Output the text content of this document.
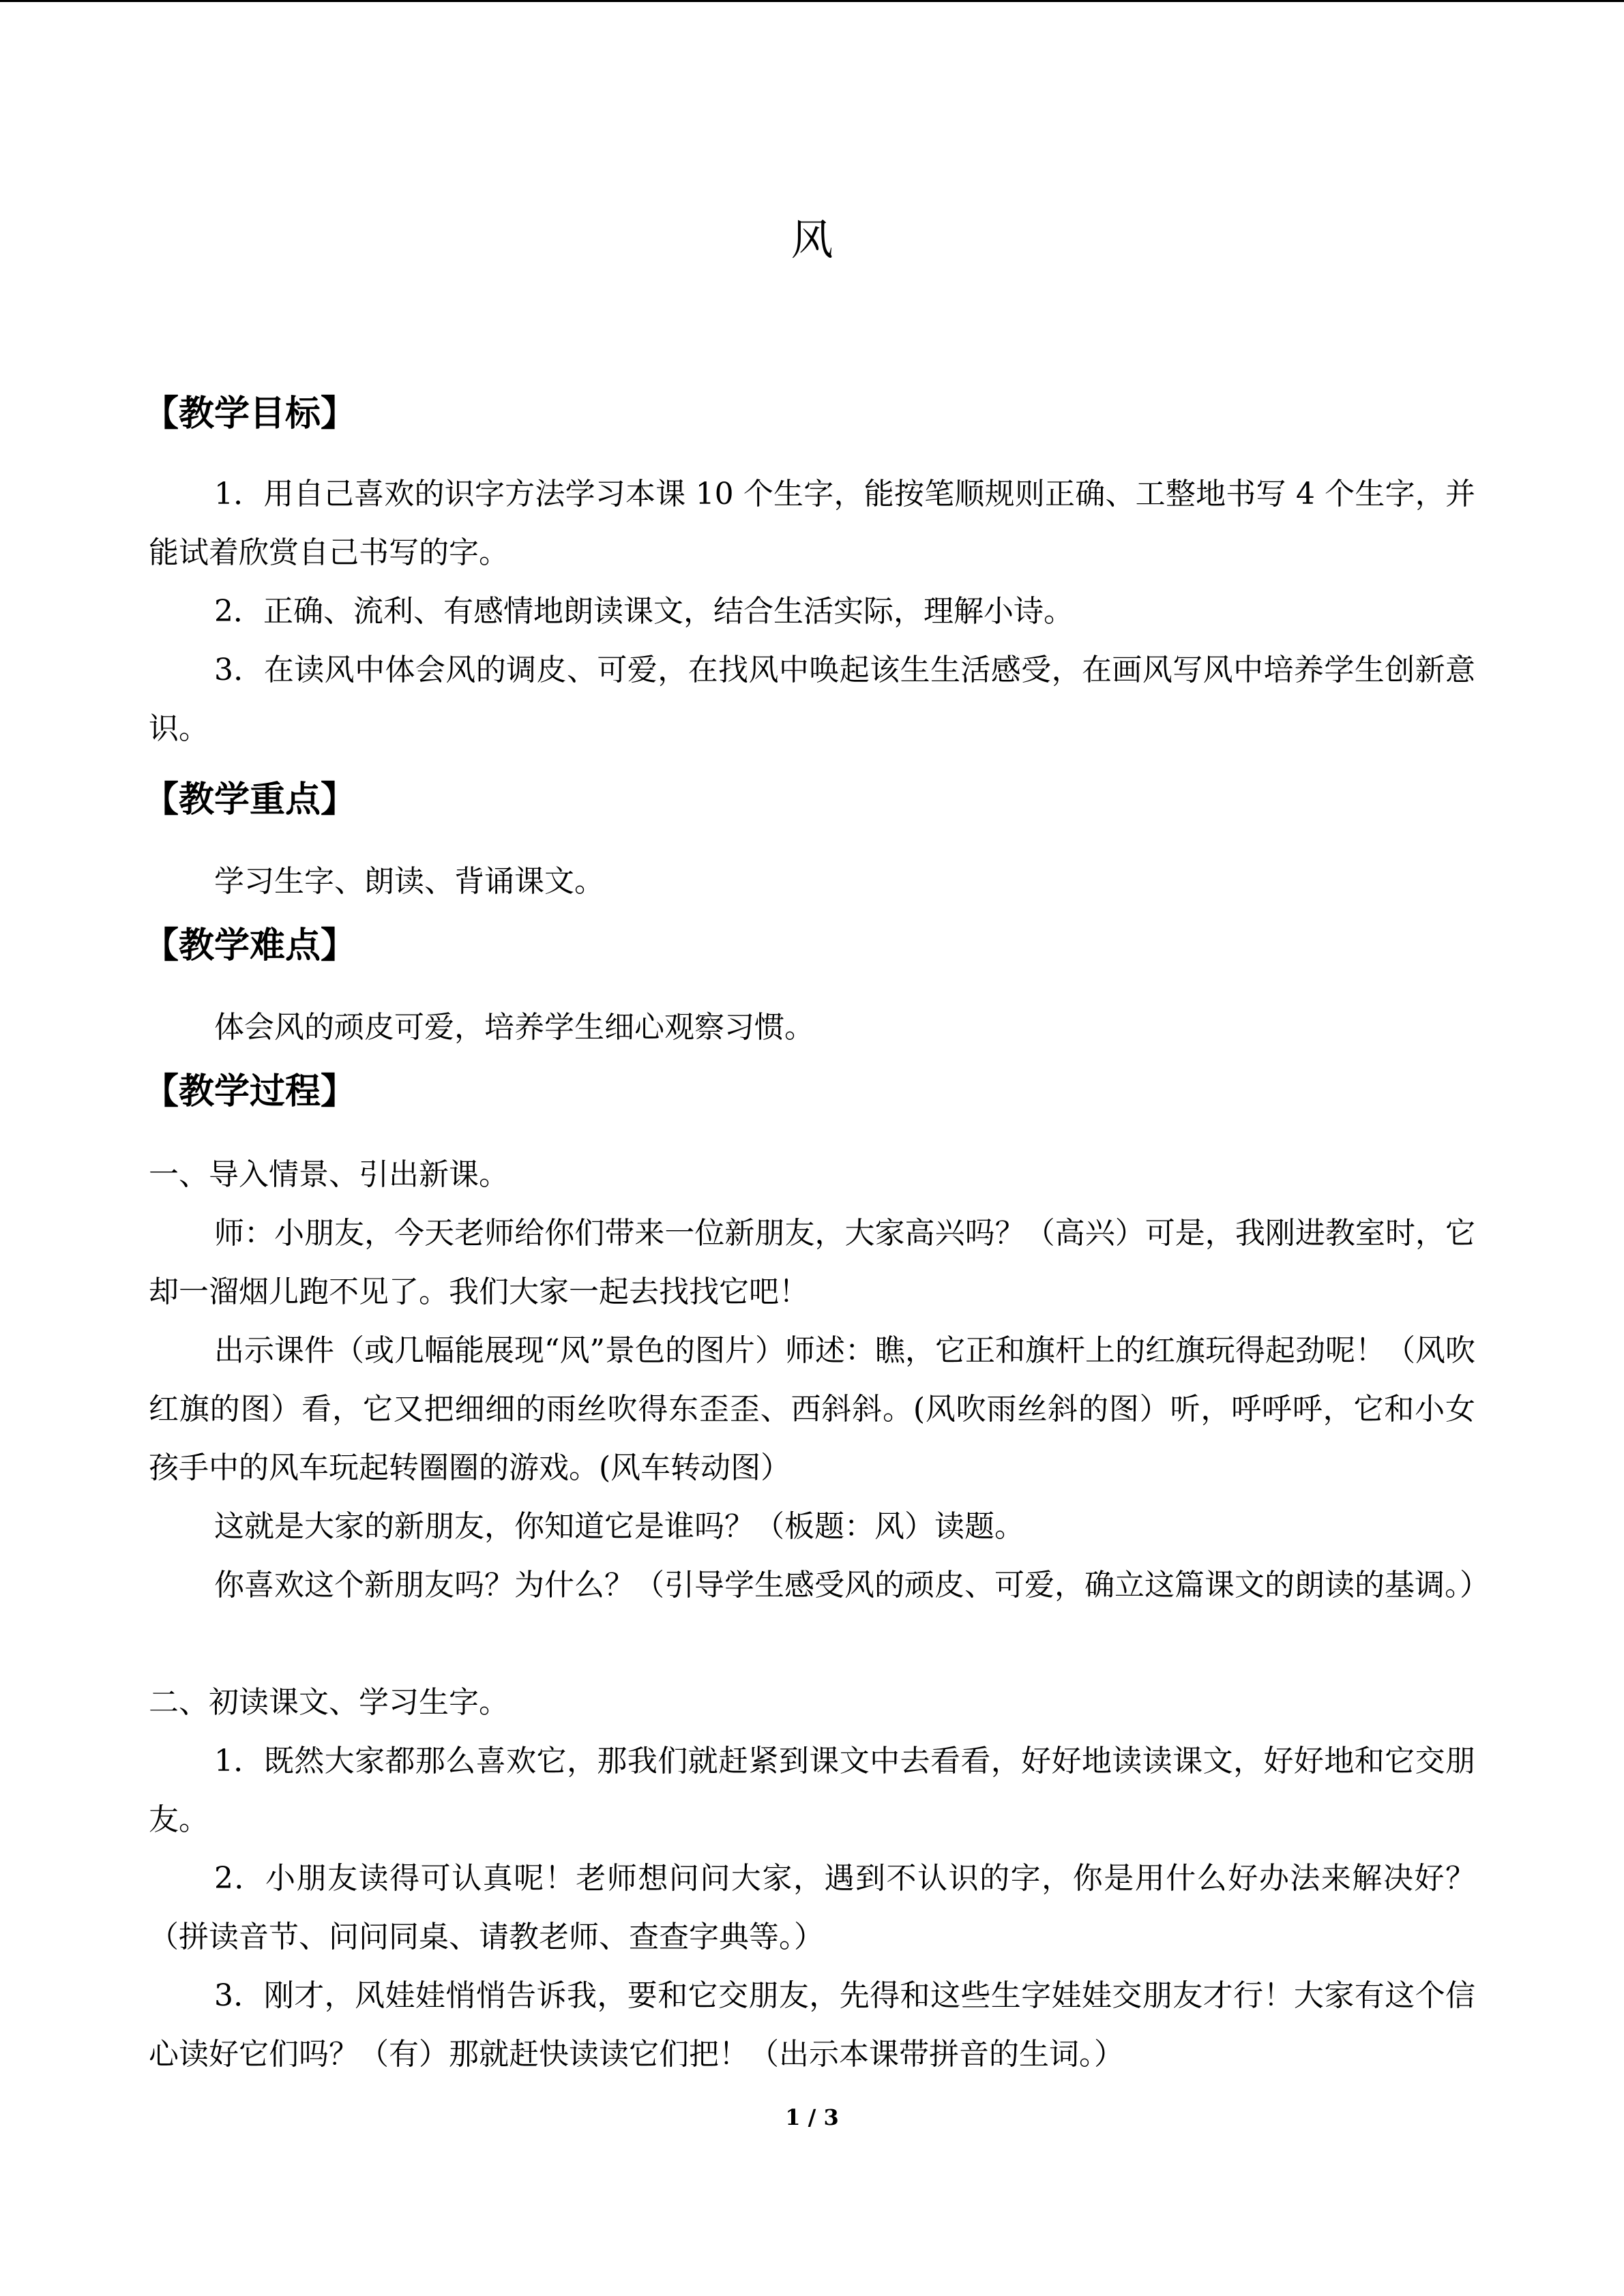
风
【教学目标】
1．用自己喜欢的识字方法学习本课 10 个生字，能按笔顺规则正确、工整地书写 4 个生字，并能试着欣赏自己书写的字。
2．正确、流利、有感情地朗读课文，结合生活实际，理解小诗。
3．在读风中体会风的调皮、可爱，在找风中唤起该生生活感受，在画风写风中培养学生创新意识。
【教学重点】
学习生字、朗读、背诵课文。
【教学难点】
体会风的顽皮可爱，培养学生细心观察习惯。
【教学过程】
一、导入情景、引出新课。
师：小朋友，今天老师给你们带来一位新朋友，大家高兴吗？（高兴）可是，我刚进教室时，它却一溜烟儿跑不见了。我们大家一起去找找它吧！
出示课件（或几幅能展现“风”景色的图片）师述：瞧，它正和旗杆上的红旗玩得起劲呢！（风吹红旗的图）看，它又把细细的雨丝吹得东歪歪、西斜斜。(风吹雨丝斜的图）听，呼呼呼，它和小女孩手中的风车玩起转圈圈的游戏。(风车转动图）
这就是大家的新朋友，你知道它是谁吗？（板题：风）读题。
你喜欢这个新朋友吗？为什么？（引导学生感受风的顽皮、可爱，确立这篇课文的朗读的基调。）
二、初读课文、学习生字。
1．既然大家都那么喜欢它，那我们就赶紧到课文中去看看，好好地读读课文，好好地和它交朋友。
2．小朋友读得可认真呢！老师想问问大家，遇到不认识的字，你是用什么好办法来解决好？（拼读音节、问问同桌、请教老师、查查字典等。）
3．刚才，风娃娃悄悄告诉我，要和它交朋友，先得和这些生字娃娃交朋友才行！大家有这个信心读好它们吗？（有）那就赶快读读它们把！（出示本课带拼音的生词。）
1 / 3
